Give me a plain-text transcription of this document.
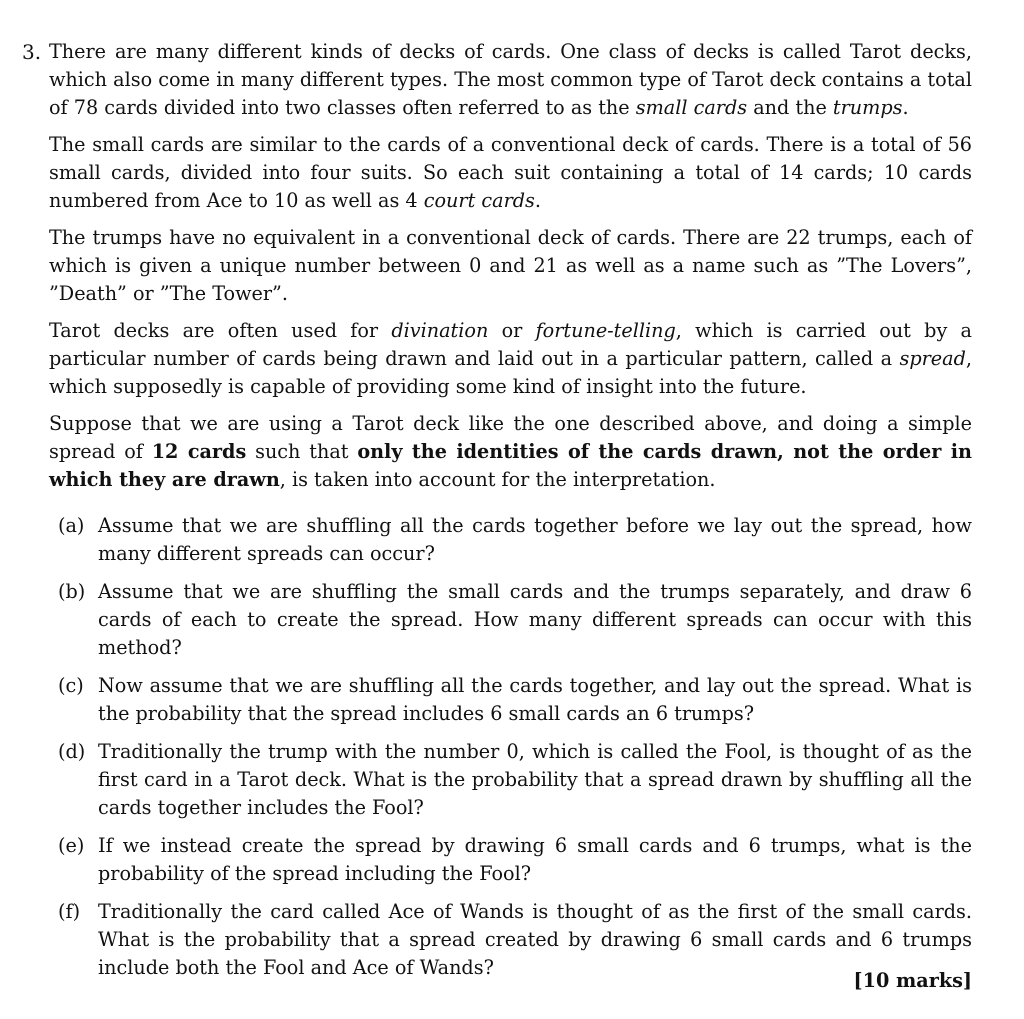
3. There are many different kinds of decks of cards. One class of decks is called Tarot decks, which also come in many different types. The most common type of Tarot deck contains a total of 78 cards divided into two classes often referred to as the small cards and the trumps.

The small cards are similar to the cards of a conventional deck of cards. There is a total of 56 small cards, divided into four suits. So each suit containing a total of 14 cards; 10 cards numbered from Ace to 10 as well as 4 court cards.

The trumps have no equivalent in a conventional deck of cards. There are 22 trumps, each of which is given a unique number between 0 and 21 as well as a name such as ”The Lovers”, ”Death” or ”The Tower”.

Tarot decks are often used for divination or fortune-telling, which is carried out by a particular number of cards being drawn and laid out in a particular pattern, called a spread, which supposedly is capable of providing some kind of insight into the future.

Suppose that we are using a Tarot deck like the one described above, and doing a simple spread of 12 cards such that only the identities of the cards drawn, not the order in which they are drawn, is taken into account for the interpretation.

(a) Assume that we are shuffling all the cards together before we lay out the spread, how many different spreads can occur?
(b) Assume that we are shuffling the small cards and the trumps separately, and draw 6 cards of each to create the spread. How many different spreads can occur with this method?
(c) Now assume that we are shuffling all the cards together, and lay out the spread. What is the probability that the spread includes 6 small cards an 6 trumps?
(d) Traditionally the trump with the number 0, which is called the Fool, is thought of as the first card in a Tarot deck. What is the probability that a spread drawn by shuffling all the cards together includes the Fool?
(e) If we instead create the spread by drawing 6 small cards and 6 trumps, what is the probability of the spread including the Fool?
(f) Traditionally the card called Ace of Wands is thought of as the first of the small cards. What is the probability that a spread created by drawing 6 small cards and 6 trumps include both the Fool and Ace of Wands?
[10 marks]
